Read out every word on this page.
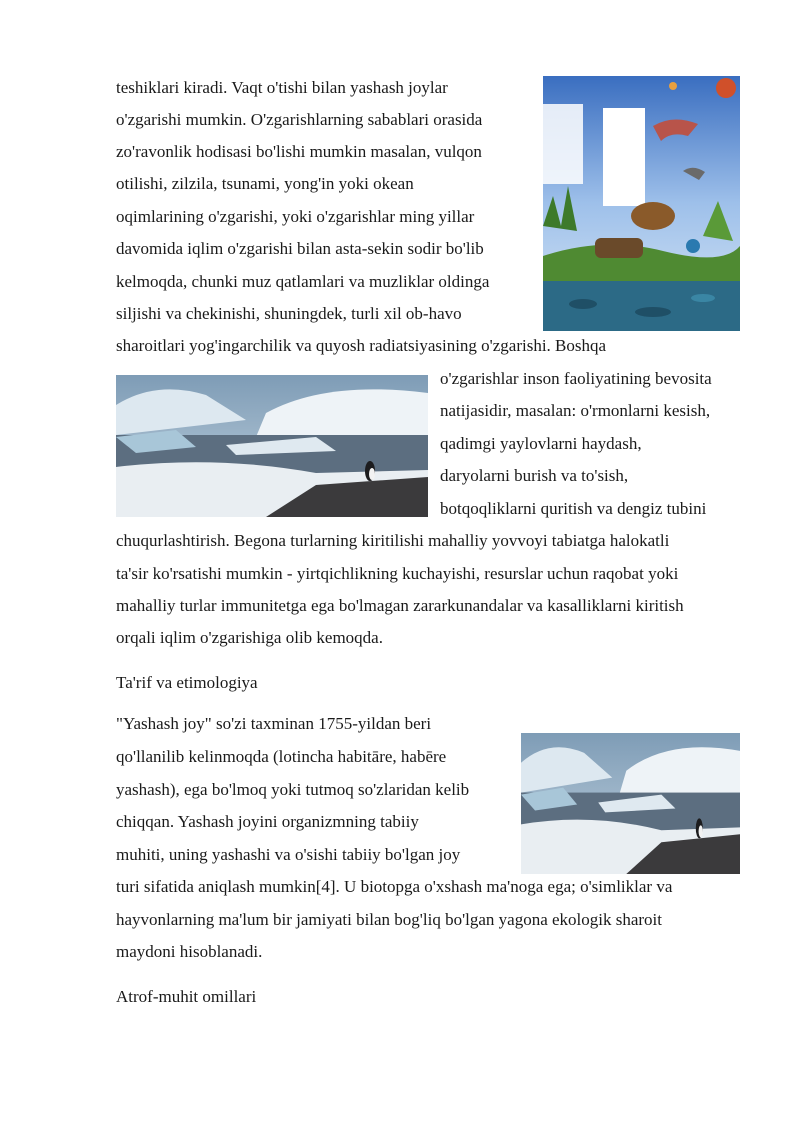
teshiklari kiradi. Vaqt o'tishi bilan yashash joylar
o'zgarishi mumkin. O'zgarishlarning sabablari orasida
zo'ravonlik hodisasi bo'lishi mumkin masalan, vulqon
otilishi, zilzila, tsunami, yong'in yoki okean
oqimlarining o'zgarishi, yoki o'zgarishlar ming yillar
davomida iqlim o'zgarishi bilan asta-sekin sodir bo'lib
kelmoqda, chunki muz qatlamlari va muzliklar oldinga
siljishi va chekinishi, shuningdek, turli xil ob-havo
sharoitlari yog'ingarchilik va quyosh radiatsiyasining o'zgarishi. Boshqa
o'zgarishlar inson faoliyatining bevosita
natijasidir, masalan: o'rmonlarni kesish,
qadimgi yaylovlarni haydash,
daryolarni burish va to'sish,
botqoqliklarni quritish va dengiz tubini
chuqurlashtirish. Begona turlarning kiritilishi mahalliy yovvoyi tabiatga halokatli
ta'sir ko'rsatishi mumkin - yirtqichlikning kuchayishi, resurslar uchun raqobat yoki
mahalliy turlar immunitetga ega bo'lmagan zararkunandalar va kasalliklarni kiritish
orqali iqlim o'zgarishiga olib kemoqda.
Ta'rif va etimologiya
"Yashash joy" so'zi taxminan 1755-yildan beri
qo'llanilib kelinmoqda (lotincha habitāre, habēre
yashash), ega bo'lmoq yoki tutmoq so'zlaridan kelib
chiqqan. Yashash joyini organizmning tabiiy
muhiti, uning yashashi va o'sishi tabiiy bo'lgan joy
turi sifatida aniqlash mumkin[4]. U biotopga o'xshash ma'noga ega; o'simliklar va
hayvonlarning ma'lum bir jamiyati bilan bog'liq bo'lgan yagona ekologik sharoit
maydoni hisoblanadi.
Atrof-muhit omillari
